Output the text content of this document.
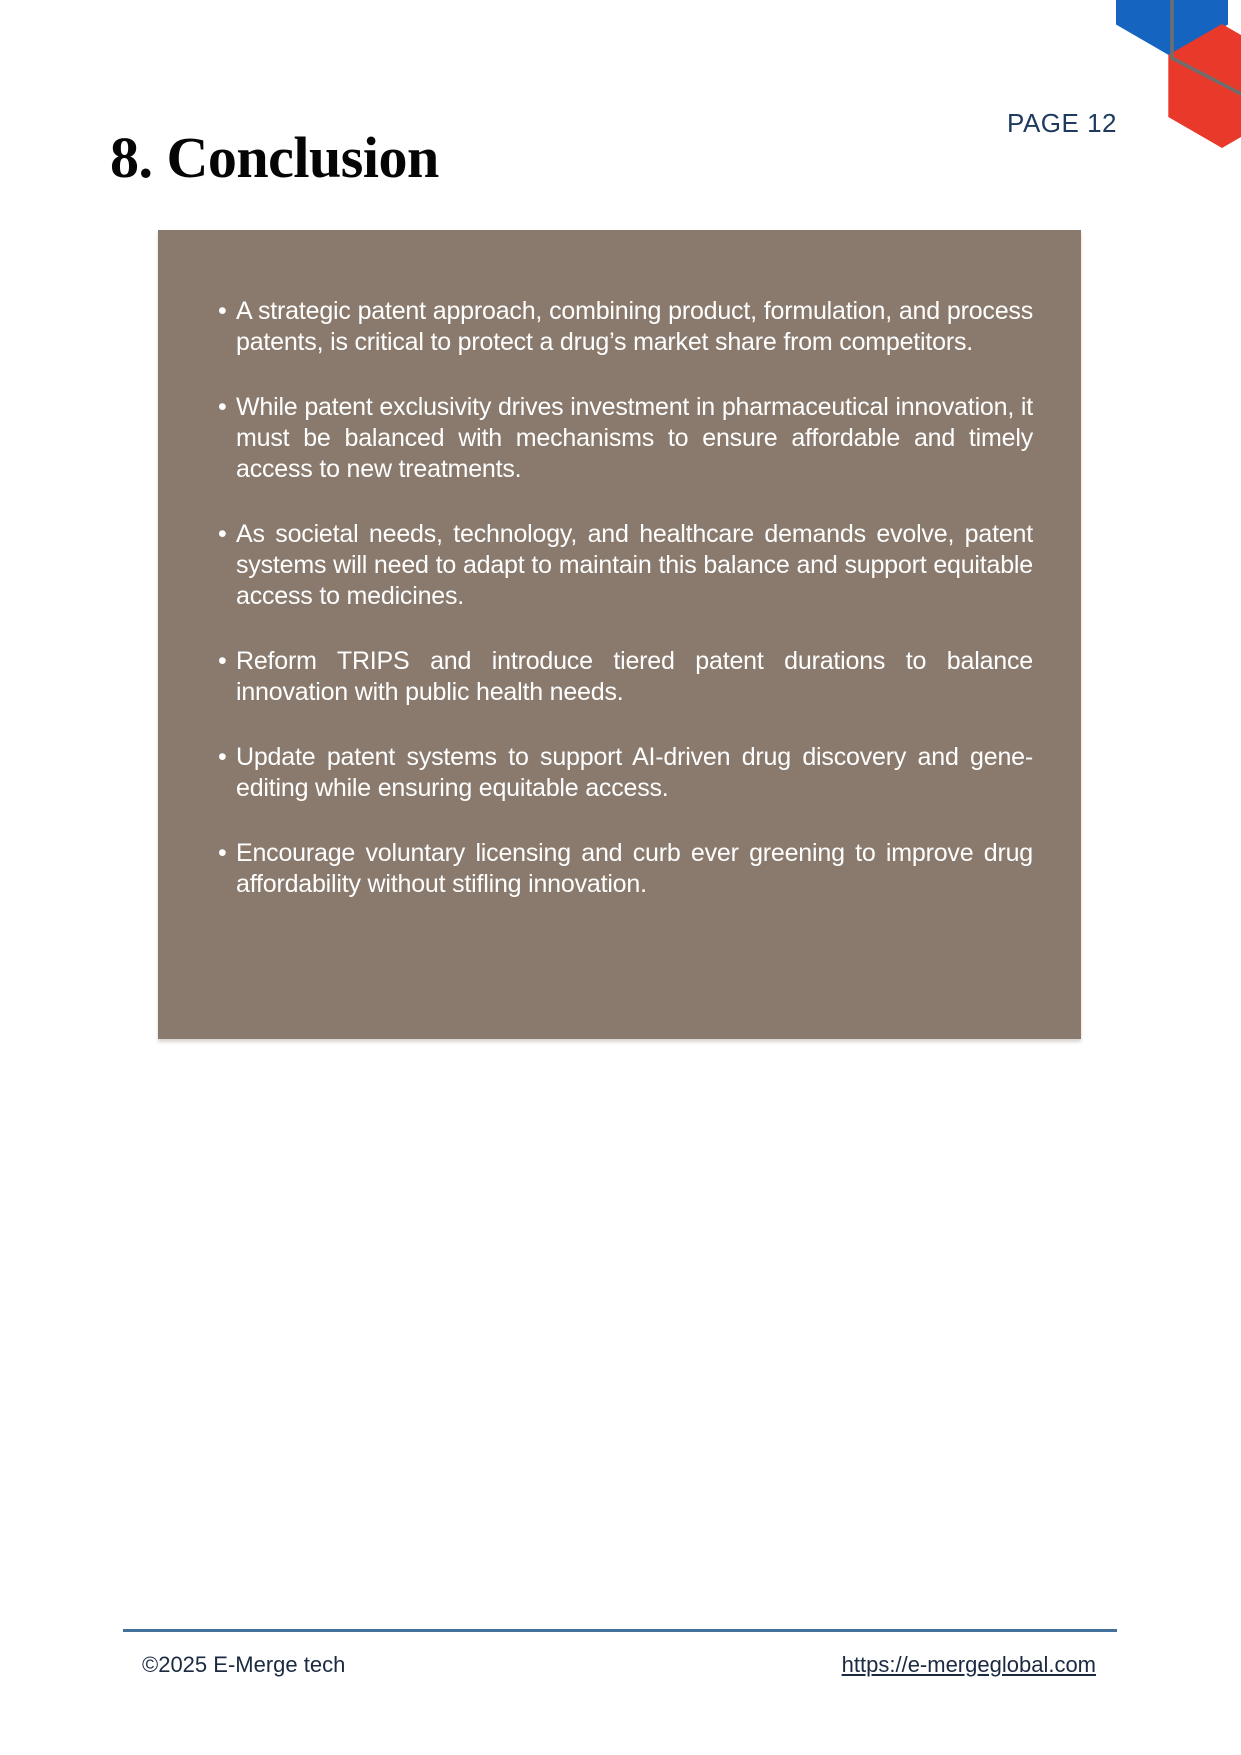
PAGE 12
8. Conclusion
• A strategic patent approach, combining product, formulation, and process patents, is critical to protect a drug’s market share from competitors.
• While patent exclusivity drives investment in pharmaceutical innovation, it must be balanced with mechanisms to ensure affordable and timely access to new treatments.
• As societal needs, technology, and healthcare demands evolve, patent systems will need to adapt to maintain this balance and support equitable access to medicines.
• Reform TRIPS and introduce tiered patent durations to balance innovation with public health needs.
• Update patent systems to support AI-driven drug discovery and gene-editing while ensuring equitable access.
• Encourage voluntary licensing and curb ever greening to improve drug affordability without stifling innovation.
©2025 E-Merge tech	https://e-mergeglobal.com
